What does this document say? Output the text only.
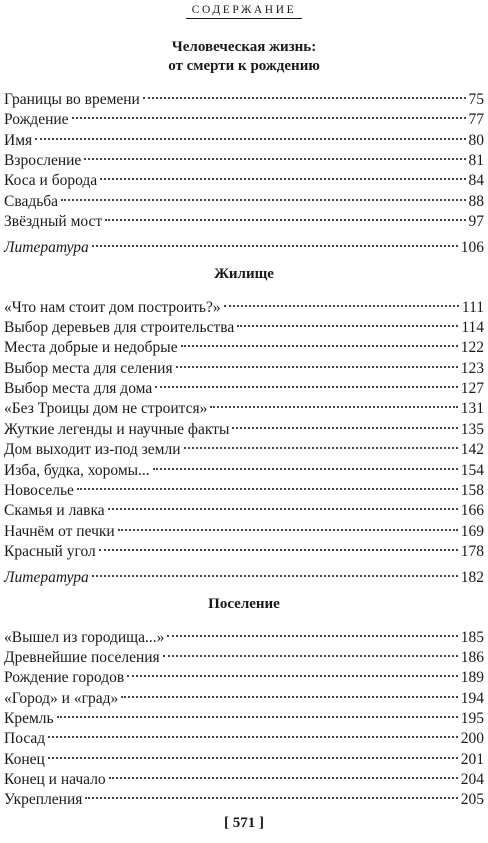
СОДЕРЖАНИЕ
Человеческая жизнь:
от смерти к рождению
Границы во времени	75
Рождение	77
Имя	80
Взросление	81
Коса и борода	84
Свадьба	88
Звёздный мост	97
Литература	106
Жилище
«Что нам стоит дом построить?»	111
Выбор деревьев для строительства	114
Места добрые и недобрые	122
Выбор места для селения	123
Выбор места для дома	127
«Без Троицы дом не строится»	131
Жуткие легенды и научные факты	135
Дом выходит из-под земли	142
Изба, будка, хоромы...	154
Новоселье	158
Скамья и лавка	166
Начнём от печки	169
Красный угол	178
Литература	182
Поселение
«Вышел из городища...»	185
Древнейшие поселения	186
Рождение городов	189
«Город» и «град»	194
Кремль	195
Посад	200
Конец	201
Конец и начало	204
Укрепления	205
[ 571 ]
